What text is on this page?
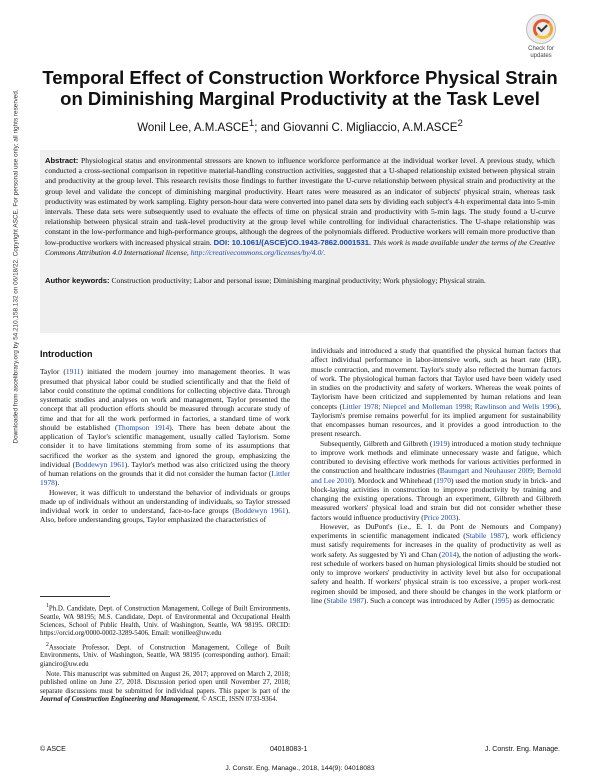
Downloaded from ascelibrary.org by 54.210.158.132 on 06/18/22. Copyright ASCE. For personal use only; all rights reserved.
Check for
updates
Temporal Effect of Construction Workforce Physical Strain
on Diminishing Marginal Productivity at the Task Level
Wonil Lee, A.M.ASCE$^1$; and Giovanni C. Migliaccio, A.M.ASCE$^2$
Abstract: Physiological status and environmental stressors are known to influence workforce performance at the individual worker level. A previous study, which conducted a cross-sectional comparison in repetitive material-handling construction activities, suggested that a U-shaped relationship existed between physical strain and productivity at the group level. This research revisits those findings to further investigate the U-curve relationship between physical strain and productivity at the group level and validate the concept of diminishing marginal productivity. Heart rates were measured as an indicator of subjects' physical strain, whereas task productivity was estimated by work sampling. Eighty person-hour data were converted into panel data sets by dividing each subject's 4-h experimental data into 5-min intervals. These data sets were subsequently used to evaluate the effects of time on physical strain and productivity with 5-min lags. The study found a U-curve relationship between physical strain and task-level productivity at the group level while controlling for individual characteristics. The U-shape relationship was constant in the low-performance and high-performance groups, although the degrees of the polynomials differed. Productive workers will remain more productive than low-productive workers with increased physical strain. DOI: 10.1061/(ASCE)CO.1943-7862.0001531. This work is made available under the terms of the Creative Commons Attribution 4.0 International license, http://creativecommons.org/licenses/by/4.0/.
Author keywords: Construction productivity; Labor and personal issue; Diminishing marginal productivity; Work physiology; Physical strain.
Introduction

Taylor (1911) initiated the modern journey into management theories. It was presumed that physical labor could be studied scientifically and that the field of labor could constitute the optimal conditions for collecting objective data. Through systematic studies and analyses on work and management, Taylor presented the concept that all production efforts should be measured through accurate study of time and that for all the work performed in factories, a standard time of work should be established (Thompson 1914). There has been debate about the application of Taylor's scientific management, usually called Taylorism. Some consider it to have limitations stemming from some of its assumptions that sacrificed the worker as the system and ignored the group, emphasizing the individual (Boddewyn 1961). Taylor's method was also criticized using the theory of human relations on the grounds that it did not consider the human factor (Littler 1978).

However, it was difficult to understand the behavior of individuals or groups made up of individuals without an understanding of individuals, so Taylor stressed individual work in order to understand, face-to-face groups (Boddewyn 1961). Also, before understanding groups, Taylor emphasized the characteristics of

$^1$Ph.D. Candidate, Dept. of Construction Management, College of Built Environments, Seattle, WA 98195; M.S. Candidate, Dept. of Environmental and Occupational Health Sciences, School of Public Health, Univ. of Washington, Seattle, WA 98195. ORCID: https://orcid.org/0000-0002-3289-5406. Email: wonillee@uw.edu

$^2$Associate Professor, Dept. of Construction Management, College of Built Environments, Univ. of Washington, Seattle, WA 98195 (corresponding author). Email: gianciro@uw.edu

Note. This manuscript was submitted on August 26, 2017; approved on March 2, 2018; published online on June 27, 2018. Discussion period open until November 27, 2018; separate discussions must be submitted for individual papers. This paper is part of the Journal of Construction Engineering and Management, © ASCE, ISSN 0733-9364.

individuals and introduced a study that quantified the physical human factors that affect individual performance in labor-intensive work, such as heart rate (HR), muscle contraction, and movement. Taylor's study also reflected the human factors of work. The physiological human factors that Taylor used have been widely used in studies on the productivity and safety of workers. Whereas the weak points of Taylorism have been criticized and supplemented by human relations and lean concepts (Littler 1978; Niepcel and Molleman 1998; Rawlinson and Wells 1996), Taylorism's premise remains powerful for its implied argument for sustainability that encompasses human resources, and it provides a good introduction to the present research.

Subsequently, Gilbreth and Gilbreth (1919) introduced a motion study technique to improve work methods and eliminate unnecessary waste and fatigue, which contributed to devising effective work methods for various activities performed in the construction and healthcare industries (Baumgart and Neuhauser 2009; Bernold and Lee 2010). Mordock and Whitehead (1970) used the motion study in brick- and block-laying activities in construction to improve productivity by training and changing the existing operations. Through an experiment, Gilbreth and Gilbreth measured workers' physical load and strain but did not consider whether these factors would influence productivity (Price 2003).

However, as DuPont's (i.e., E. I. du Pont de Nemours and Company) experiments in scientific management indicated (Stabile 1987), work efficiency must satisfy requirements for increases in the quality of productivity as well as work safety. As suggested by Yi and Chan (2014), the notion of adjusting the work-rest schedule of workers based on human physiological limits should be studied not only to improve workers' productivity in activity level but also for occupational safety and health. If workers' physical strain is too excessive, a proper work-rest regimen should be imposed, and there should be changes in the work platform or line (Stabile 1987). Such a concept was introduced by Adler (1995) as democratic

© ASCE	04018083-1	J. Constr. Eng. Manage.
J. Constr. Eng. Manage., 2018, 144(9): 04018083
